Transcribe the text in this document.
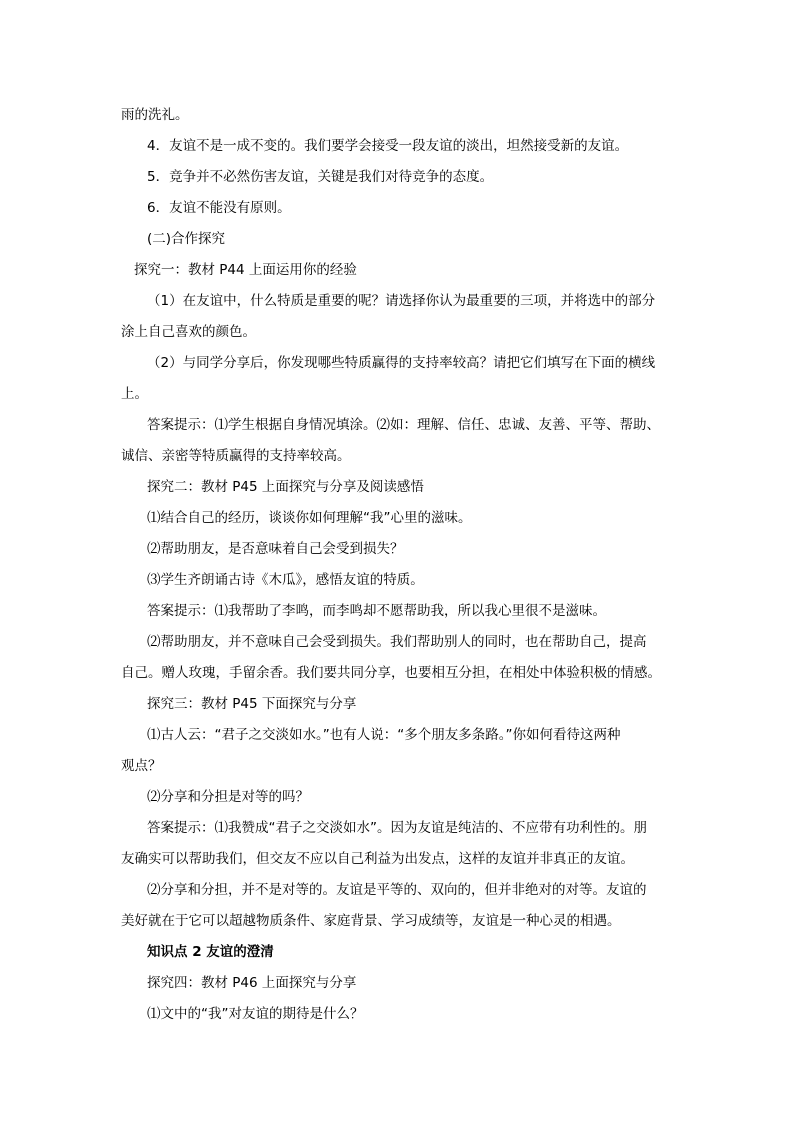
雨的洗礼。
4．友谊不是一成不变的。我们要学会接受一段友谊的淡出，坦然接受新的友谊。
5．竞争并不必然伤害友谊，关键是我们对待竞争的态度。
6．友谊不能没有原则。
(二)合作探究
探究一：教材 P44 上面运用你的经验
（1）在友谊中，什么特质是重要的呢？请选择你认为最重要的三项，并将选中的部分
涂上自己喜欢的颜色。
（2）与同学分享后，你发现哪些特质赢得的支持率较高？请把它们填写在下面的横线
上。
答案提示：⑴学生根据自身情况填涂。⑵如：理解、信任、忠诚、友善、平等、帮助、
诚信、亲密等特质赢得的支持率较高。
探究二：教材 P45 上面探究与分享及阅读感悟
⑴结合自己的经历，谈谈你如何理解“我”心里的滋味。
⑵帮助朋友，是否意味着自己会受到损失？
⑶学生齐朗诵古诗《木瓜》，感悟友谊的特质。
答案提示：⑴我帮助了李鸣，而李鸣却不愿帮助我，所以我心里很不是滋味。
⑵帮助朋友，并不意味自己会受到损失。我们帮助别人的同时，也在帮助自己，提高
自己。赠人玫瑰，手留余香。我们要共同分享，也要相互分担，在相处中体验积极的情感。
探究三：教材 P45 下面探究与分享
⑴古人云：“君子之交淡如水。”也有人说：“多个朋友多条路。”你如何看待这两种
观点？
⑵分享和分担是对等的吗？
答案提示：⑴我赞成“君子之交淡如水”。因为友谊是纯洁的、不应带有功利性的。朋
友确实可以帮助我们，但交友不应以自己利益为出发点，这样的友谊并非真正的友谊。
⑵分享和分担，并不是对等的。友谊是平等的、双向的，但并非绝对的对等。友谊的
美好就在于它可以超越物质条件、家庭背景、学习成绩等，友谊是一种心灵的相遇。
知识点 2 友谊的澄清
探究四：教材 P46 上面探究与分享
⑴文中的“我”对友谊的期待是什么？
